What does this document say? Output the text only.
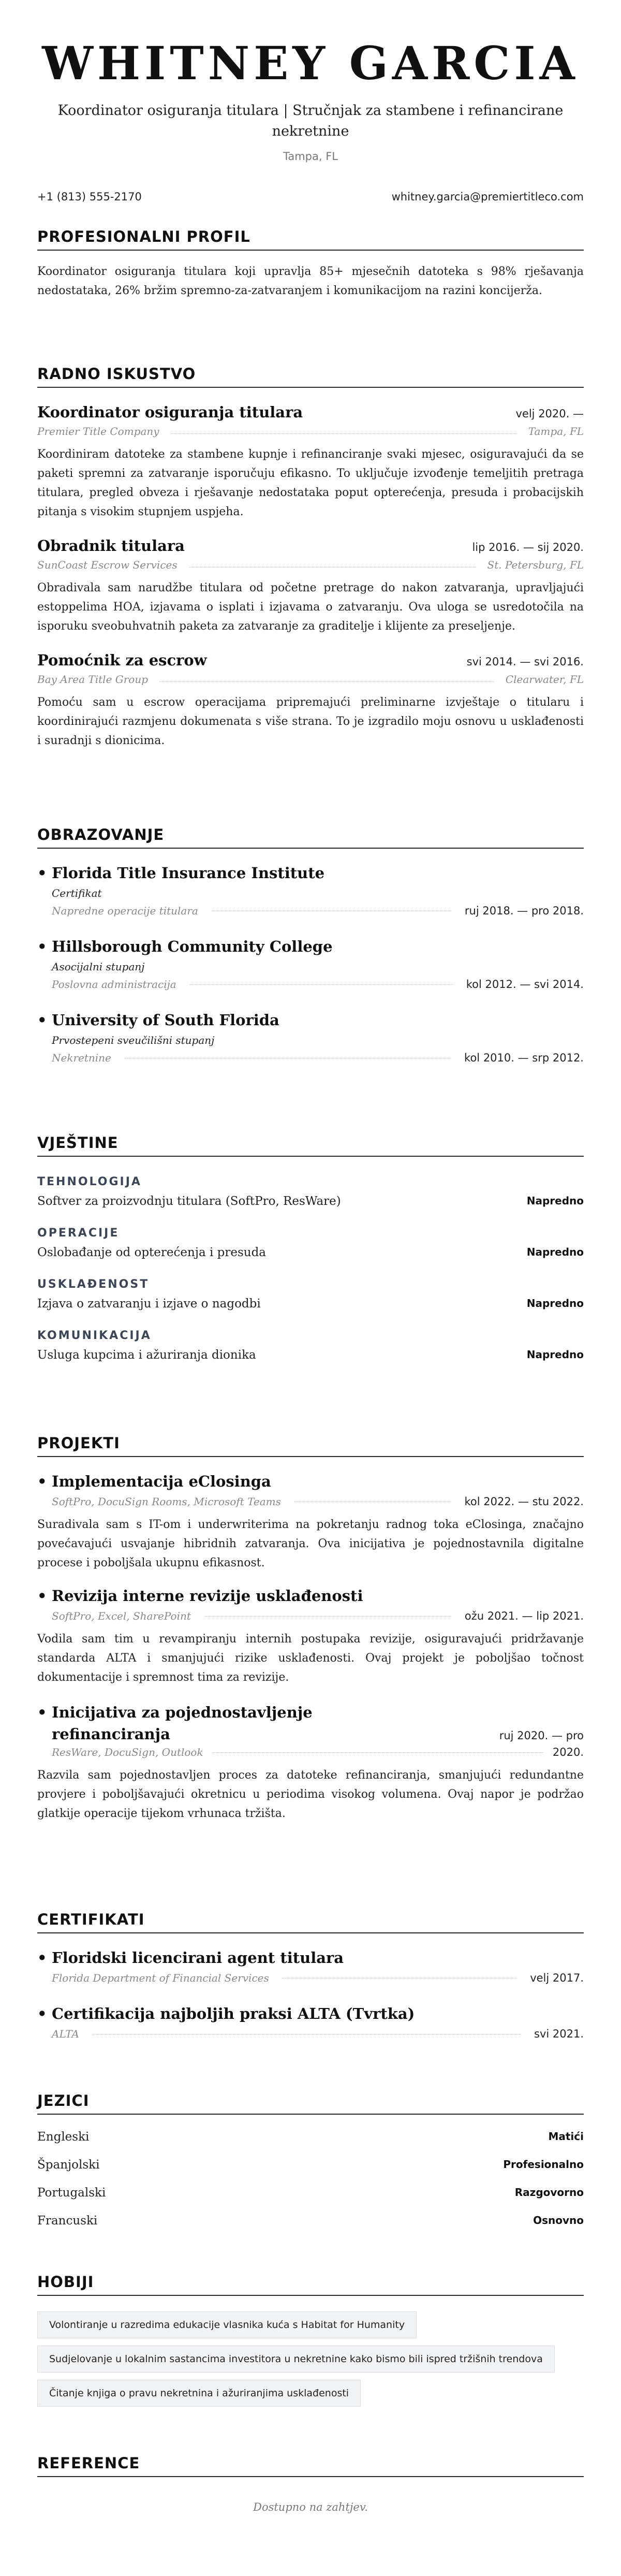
WHITNEY GARCIA
Koordinator osiguranja titulara | Stručnjak za stambene i refinancirane nekretnine
Tampa, FL
+1 (813) 555-2170	whitney.garcia@premiertitleco.com
PROFESIONALNI PROFIL
Koordinator osiguranja titulara koji upravlja 85+ mjesečnih datoteka s 98% rješavanja nedostataka, 26% bržim spremno-za-zatvaranjem i komunikacijom na razini koncijerža.
RADNO ISKUSTVO
Koordinator osiguranja titulara	velj 2020. —
Premier Title Company	Tampa, FL
Koordiniram datoteke za stambene kupnje i refinanciranje svaki mjesec, osiguravajući da se paketi spremni za zatvaranje isporučuju efikasno. To uključuje izvođenje temeljitih pretraga titulara, pregled obveza i rješavanje nedostataka poput opterećenja, presuda i probacijskih pitanja s visokim stupnjem uspjeha.
Obradnik titulara	lip 2016. — sij 2020.
SunCoast Escrow Services	St. Petersburg, FL
Obradivala sam narudžbe titulara od početne pretrage do nakon zatvaranja, upravljajući estoppelima HOA, izjavama o isplati i izjavama o zatvaranju. Ova uloga se usredotočila na isporuku sveobuhvatnih paketa za zatvaranje za graditelje i klijente za preseljenje.
Pomoćnik za escrow	svi 2014. — svi 2016.
Bay Area Title Group	Clearwater, FL
Pomoću sam u escrow operacijama pripremajući preliminarne izvještaje o titularu i koordinirajući razmjenu dokumenata s više strana. To je izgradilo moju osnovu u usklađenosti i suradnji s dionicima.
OBRAZOVANJE
• Florida Title Insurance Institute
Certifikat
Napredne operacije titulara	ruj 2018. — pro 2018.
• Hillsborough Community College
Asocijalni stupanj
Poslovna administracija	kol 2012. — svi 2014.
• University of South Florida
Prvostepeni sveučilišni stupanj
Nekretnine	kol 2010. — srp 2012.
VJEŠTINE
TEHNOLOGIJA
Softver za proizvodnju titulara (SoftPro, ResWare)	Napredno
OPERACIJE
Oslobađanje od opterećenja i presuda	Napredno
USKLAĐENOST
Izjava o zatvaranju i izjave o nagodbi	Napredno
KOMUNIKACIJA
Usluga kupcima i ažuriranja dionika	Napredno
PROJEKTI
• Implementacija eClosinga
SoftPro, DocuSign Rooms, Microsoft Teams	kol 2022. — stu 2022.
Suradivala sam s IT-om i underwriterima na pokretanju radnog toka eClosinga, značajno povećavajući usvajanje hibridnih zatvaranja. Ova inicijativa je pojednostavnila digitalne procese i poboljšala ukupnu efikasnost.
• Revizija interne revizije usklađenosti
SoftPro, Excel, SharePoint	ožu 2021. — lip 2021.
Vodila sam tim u revampiranju internih postupaka revizije, osiguravajući pridržavanje standarda ALTA i smanjujući rizike usklađenosti. Ovaj projekt je poboljšao točnost dokumentacije i spremnost tima za revizije.
• Inicijativa za pojednostavljenje
refinanciranja	ruj 2020. — pro
ResWare, DocuSign, Outlook	2020.
Razvila sam pojednostavljen proces za datoteke refinanciranja, smanjujući redundantne provjere i poboljšavajući okretnicu u periodima visokog volumena. Ovaj napor je podržao glatkije operacije tijekom vrhunaca tržišta.
CERTIFIKATI
• Floridski licencirani agent titulara
Florida Department of Financial Services	velj 2017.
• Certifikacija najboljih praksi ALTA (Tvrtka)
ALTA	svi 2021.
JEZICI
Engleski	Matići
Španjolski	Profesionalno
Portugalski	Razgovorno
Francuski	Osnovno
HOBIJI
Volontiranje u razredima edukacije vlasnika kuća s Habitat for Humanity
Sudjelovanje u lokalnim sastancima investitora u nekretnine kako bismo bili ispred tržišnih trendova
Čitanje knjiga o pravu nekretnina i ažuriranjima usklađenosti
REFERENCE
Dostupno na zahtjev.
